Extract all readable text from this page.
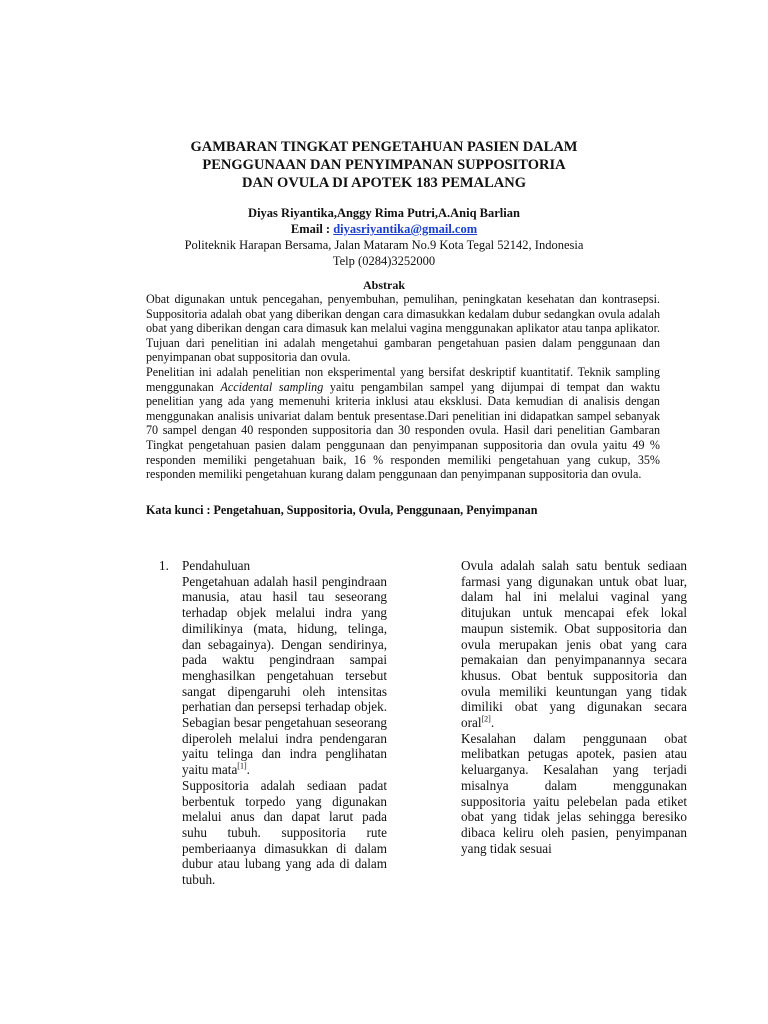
GAMBARAN TINGKAT PENGETAHUAN PASIEN DALAM
PENGGUNAAN DAN PENYIMPANAN SUPPOSITORIA
DAN OVULA DI APOTEK 183 PEMALANG
Diyas Riyantika,Anggy Rima Putri,A.Aniq Barlian
Email : diyasriyantika@gmail.com
Politeknik Harapan Bersama, Jalan Mataram No.9 Kota Tegal 52142, Indonesia
Telp (0284)3252000
Abstrak

Obat digunakan untuk pencegahan, penyembuhan, pemulihan, peningkatan kesehatan dan kontrasepsi. Suppositoria adalah obat yang diberikan dengan cara dimasukkan kedalam dubur sedangkan ovula adalah obat yang diberikan dengan cara dimasuk kan melalui vagina menggunakan aplikator atau tanpa aplikator. Tujuan dari penelitian ini adalah mengetahui gambaran pengetahuan pasien dalam penggunaan dan penyimpanan obat suppositoria dan ovula.

Penelitian ini adalah penelitian non eksperimental yang bersifat deskriptif kuantitatif. Teknik sampling menggunakan Accidental sampling yaitu pengambilan sampel yang dijumpai di tempat dan waktu penelitian yang ada yang memenuhi kriteria inklusi atau eksklusi. Data kemudian di analisis dengan menggunakan analisis univariat dalam bentuk presentase.Dari penelitian ini didapatkan sampel sebanyak 70 sampel dengan 40 responden suppositoria dan 30 responden ovula. Hasil dari penelitian Gambaran Tingkat pengetahuan pasien dalam penggunaan dan penyimpanan suppositoria dan ovula yaitu 49 % responden memiliki pengetahuan baik, 16 % responden memiliki pengetahuan yang cukup, 35% responden memiliki pengetahuan kurang dalam penggunaan dan penyimpanan suppositoria dan ovula.

Kata kunci : Pengetahuan, Suppositoria, Ovula, Penggunaan, Penyimpanan
1. Pendahuluan

Pengetahuan adalah hasil pengindraan manusia, atau hasil tau seseorang terhadap objek melalui indra yang dimilikinya (mata, hidung, telinga, dan sebagainya). Dengan sendirinya, pada waktu pengindraan sampai menghasilkan pengetahuan tersebut sangat dipengaruhi oleh intensitas perhatian dan persepsi terhadap objek. Sebagian besar pengetahuan seseorang diperoleh melalui indra pendengaran yaitu telinga dan indra penglihatan yaitu mata[1].

Suppositoria adalah sediaan padat berbentuk torpedo yang digunakan melalui anus dan dapat larut pada suhu tubuh. suppositoria rute pemberiaanya dimasukkan di dalam dubur atau lubang yang ada di dalam tubuh.

Ovula adalah salah satu bentuk sediaan farmasi yang digunakan untuk obat luar, dalam hal ini melalui vaginal yang ditujukan untuk mencapai efek lokal maupun sistemik. Obat suppositoria dan ovula merupakan jenis obat yang cara pemakaian dan penyimpanannya secara khusus. Obat bentuk suppositoria dan ovula memiliki keuntungan yang tidak dimiliki obat yang digunakan secara oral[2].

Kesalahan dalam penggunaan obat melibatkan petugas apotek, pasien atau keluarganya. Kesalahan yang terjadi misalnya	dalam menggunakan suppositoria yaitu pelebelan pada etiket obat yang tidak jelas sehingga beresiko dibaca keliru oleh pasien, penyimpanan yang tidak sesuai
